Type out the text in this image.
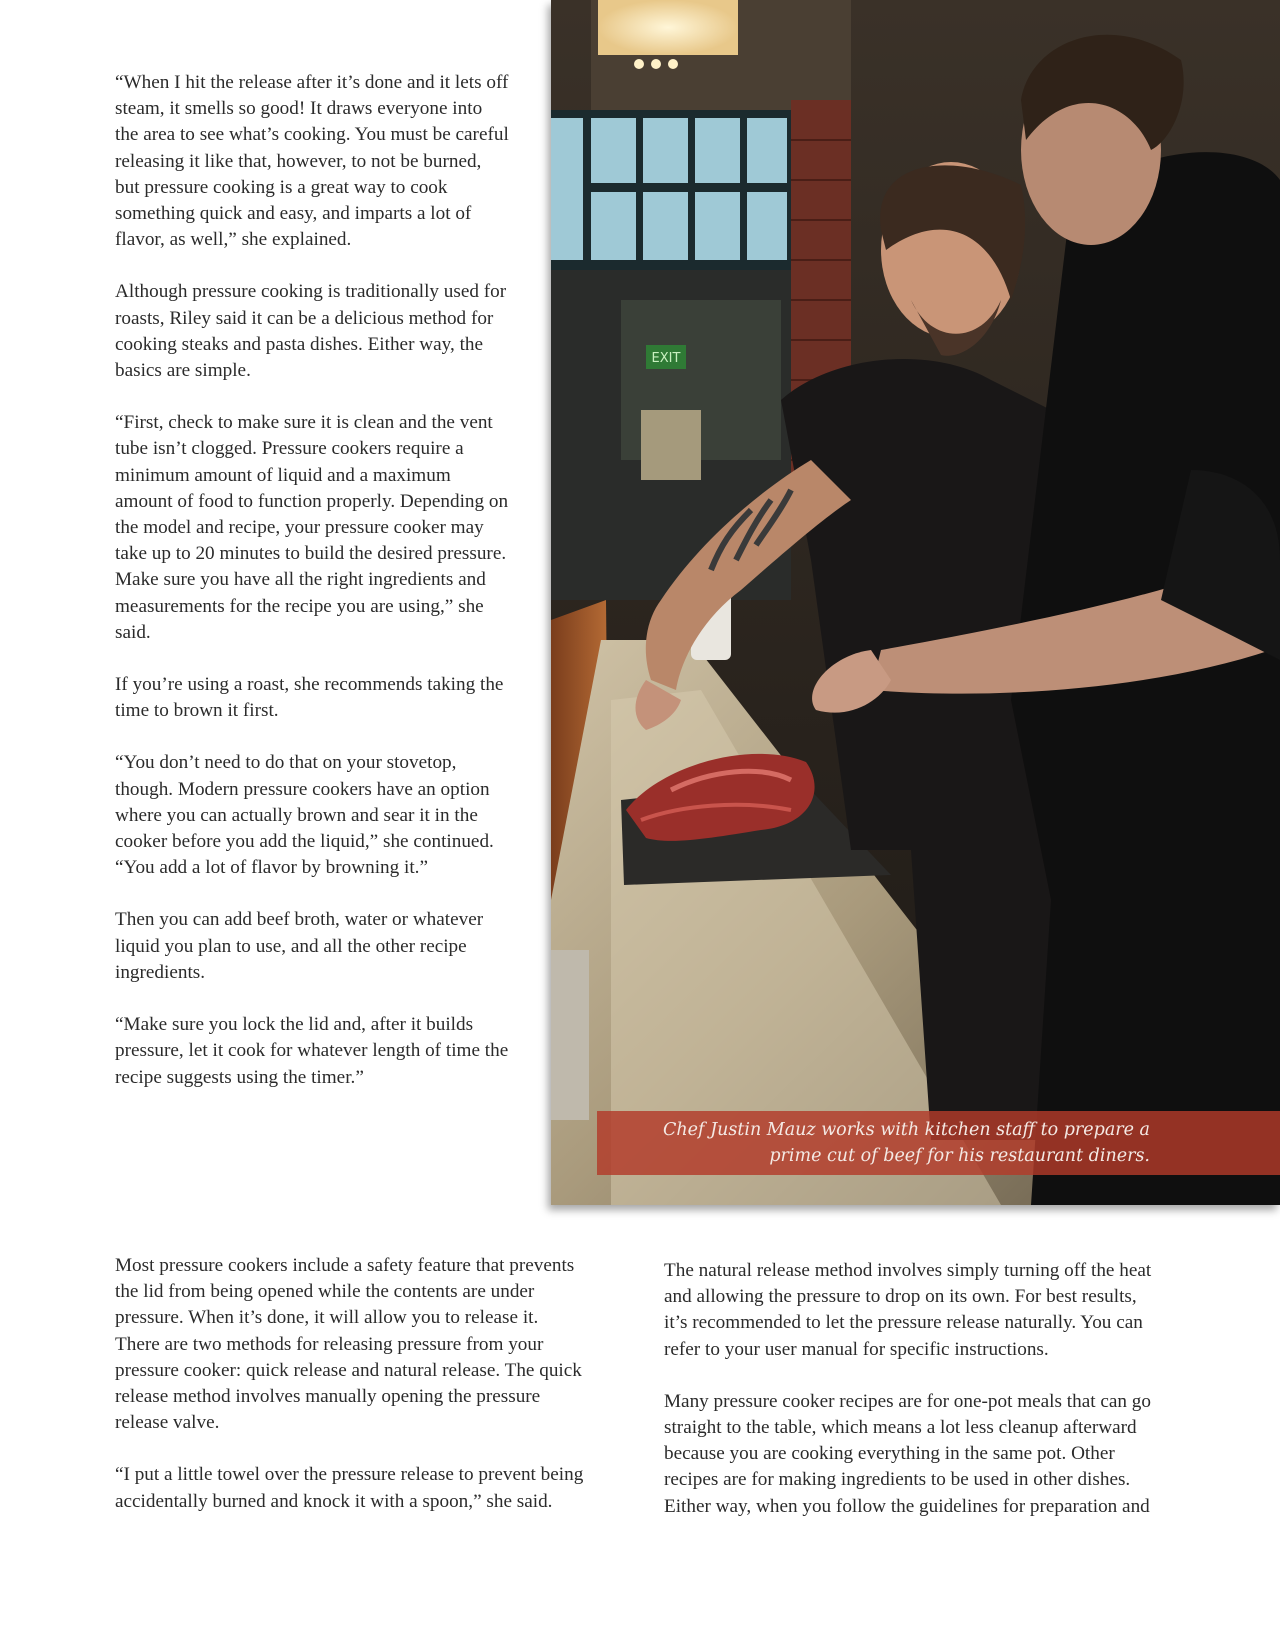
“When I hit the release after it’s done and it lets off steam, it smells so good! It draws everyone into the area to see what’s cooking. You must be careful releasing it like that, however, to not be burned, but pressure cooking is a great way to cook something quick and easy, and imparts a lot of flavor, as well,” she explained.

Although pressure cooking is traditionally used for roasts, Riley said it can be a delicious method for cooking steaks and pasta dishes. Either way, the basics are simple.

“First, check to make sure it is clean and the vent tube isn’t clogged. Pressure cookers require a minimum amount of liquid and a maximum amount of food to function properly. Depending on the model and recipe, your pressure cooker may take up to 20 minutes to build the desired pressure. Make sure you have all the right ingredients and measurements for the recipe you are using,” she said.

If you’re using a roast, she recommends taking the time to brown it first.

“You don’t need to do that on your stovetop, though. Modern pressure cookers have an option where you can actually brown and sear it in the cooker before you add the liquid,” she continued. “You add a lot of flavor by browning it.”

Then you can add beef broth, water or whatever liquid you plan to use, and all the other recipe ingredients.

“Make sure you lock the lid and, after it builds pressure, let it cook for whatever length of time the recipe suggests using the timer.”

EXIT
Chef Justin Mauz works with kitchen staff to prepare a
prime cut of beef for his restaurant diners.

Most pressure cookers include a safety feature that prevents the lid from being opened while the contents are under pressure. When it’s done, it will allow you to release it. There are two methods for releasing pressure from your pressure cooker: quick release and natural release. The quick release method involves manually opening the pressure release valve.

“I put a little towel over the pressure release to prevent being accidentally burned and knock it with a spoon,” she said.

The natural release method involves simply turning off the heat and allowing the pressure to drop on its own. For best results, it’s recommended to let the pressure release naturally. You can refer to your user manual for specific instructions.

Many pressure cooker recipes are for one-pot meals that can go straight to the table, which means a lot less cleanup afterward because you are cooking everything in the same pot. Other recipes are for making ingredients to be used in other dishes. Either way, when you follow the guidelines for preparation and
